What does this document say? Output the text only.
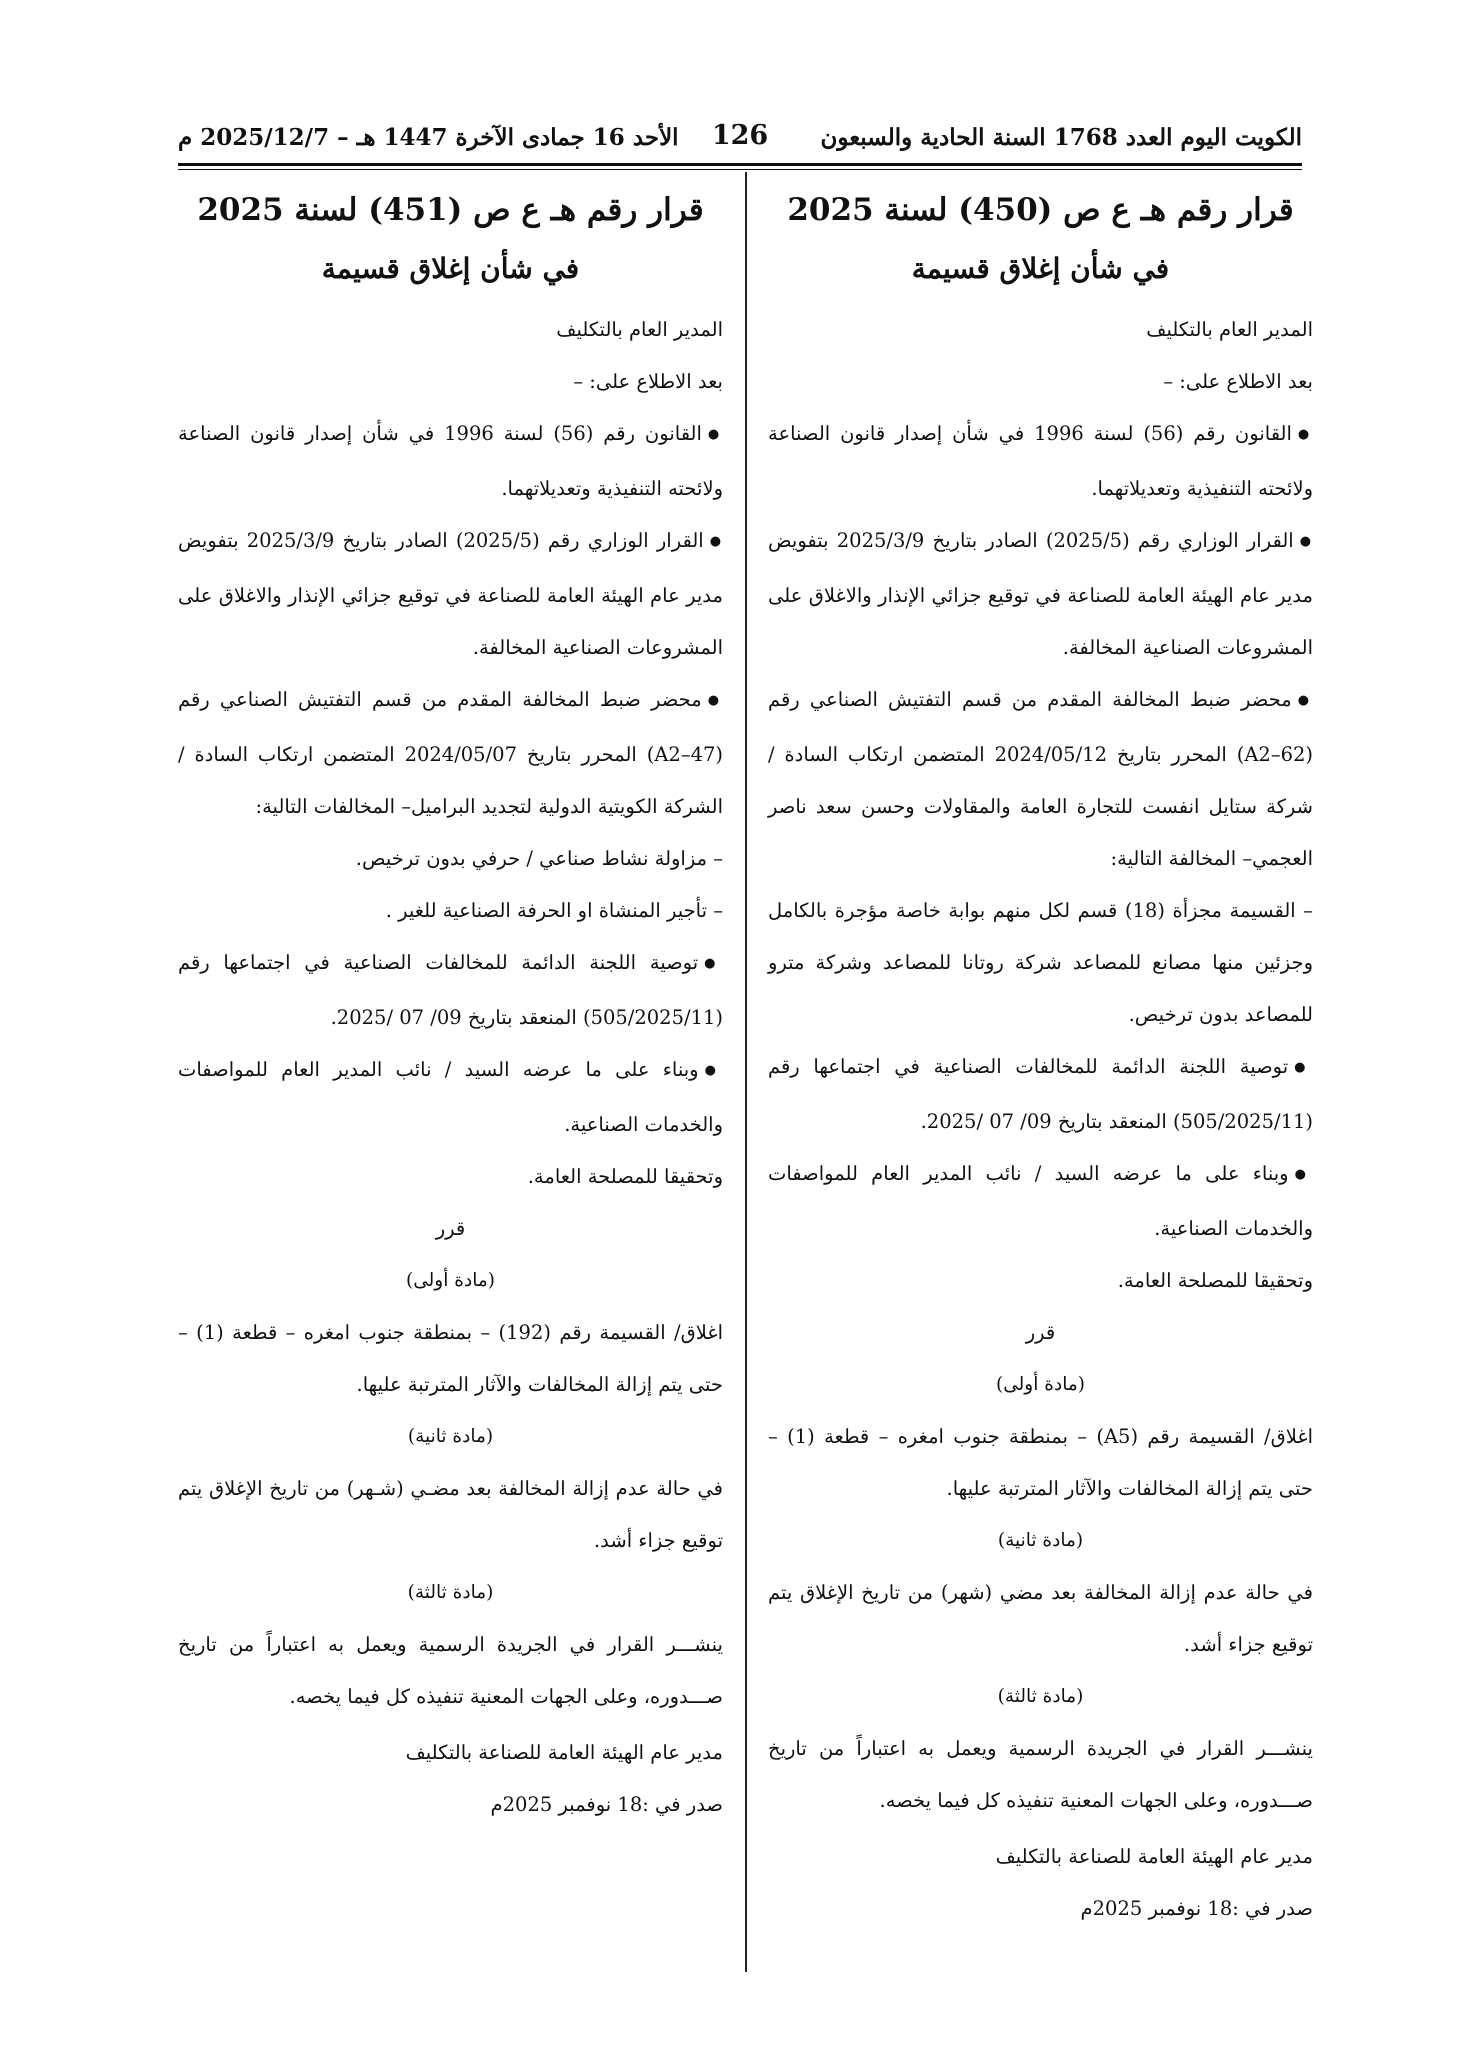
الكويت اليوم العدد 1768 السنة الحادية والسبعون
126
الأحد 16 جمادى الآخرة 1447 هـ – 2025/12/7 م
قرار رقم هـ ع ص (450) لسنة 2025
في شأن إغلاق قسيمة

المدير العام بالتكليف

بعد الاطلاع على: –

● القانون رقم (56) لسنة 1996 في شأن إصدار قانون الصناعة ولائحته التنفيذية وتعديلاتهما.

● القرار الوزاري رقم (2025/5) الصادر بتاريخ 2025/3/9 بتفويض مدير عام الهيئة العامة للصناعة في توقيع جزائي الإنذار والاغلاق على المشروعات الصناعية المخالفة.

● محضر ضبط المخالفة المقدم من قسم التفتيش الصناعي رقم (A2–62) المحرر بتاريخ 2024/05/12 المتضمن ارتكاب السادة / شركة ستايل انفست للتجارة العامة والمقاولات وحسن سعد ناصر العجمي– المخالفة التالية:

– القسيمة مجزأة (18) قسم لكل منهم بوابة خاصة مؤجرة بالكامل وجزئين منها مصانع للمصاعد شركة روتانا للمصاعد وشركة مترو للمصاعد بدون ترخيص.

● توصية اللجنة الدائمة للمخالفات الصناعية في اجتماعها رقم (505/2025/11) المنعقد بتاريخ 09/ 07 /2025.

● وبناء على ما عرضه السيد / نائب المدير العام للمواصفات والخدمات الصناعية.

وتحقيقا للمصلحة العامة.

قرر

(مادة أولى)

اغلاق/ القسيمة رقم (A5) – بمنطقة جنوب امغره – قطعة (1) – حتى يتم إزالة المخالفات والآثار المترتبة عليها.

(مادة ثانية)

في حالة عدم إزالة المخالفة بعد مضي (شهر) من تاريخ الإغلاق يتم توقيع جزاء أشد.

(مادة ثالثة)

ينشـــر القرار في الجريدة الرسمية ويعمل به اعتباراً من تاريخ صـــدوره، وعلى الجهات المعنية تنفيذه كل فيما يخصه.

مدير عام الهيئة العامة للصناعة بالتكليف

صدر في :18 نوفمبر 2025م

قرار رقم هـ ع ص (451) لسنة 2025
في شأن إغلاق قسيمة

المدير العام بالتكليف

بعد الاطلاع على: –

● القانون رقم (56) لسنة 1996 في شأن إصدار قانون الصناعة ولائحته التنفيذية وتعديلاتهما.

● القرار الوزاري رقم (2025/5) الصادر بتاريخ 2025/3/9 بتفويض مدير عام الهيئة العامة للصناعة في توقيع جزائي الإنذار والاغلاق على المشروعات الصناعية المخالفة.

● محضر ضبط المخالفة المقدم من قسم التفتيش الصناعي رقم (A2–47) المحرر بتاريخ 2024/05/07 المتضمن ارتكاب السادة / الشركة الكويتية الدولية لتجديد البراميل– المخالفات التالية:

– مزاولة نشاط صناعي / حرفي بدون ترخيص.

– تأجير المنشاة او الحرفة الصناعية للغير .

● توصية اللجنة الدائمة للمخالفات الصناعية في اجتماعها رقم (505/2025/11) المنعقد بتاريخ 09/ 07 /2025.

● وبناء على ما عرضه السيد / نائب المدير العام للمواصفات والخدمات الصناعية.

وتحقيقا للمصلحة العامة.

قرر

(مادة أولى)

اغلاق/ القسيمة رقم (192) – بمنطقة جنوب امغره – قطعة (1) – حتى يتم إزالة المخالفات والآثار المترتبة عليها.

(مادة ثانية)

في حالة عدم إزالة المخالفة بعد مضـي (شـهر) من تاريخ الإغلاق يتم توقيع جزاء أشد.

(مادة ثالثة)

ينشـــر القرار في الجريدة الرسمية ويعمل به اعتباراً من تاريخ صـــدوره، وعلى الجهات المعنية تنفيذه كل فيما يخصه.

مدير عام الهيئة العامة للصناعة بالتكليف

صدر في :18 نوفمبر 2025م
